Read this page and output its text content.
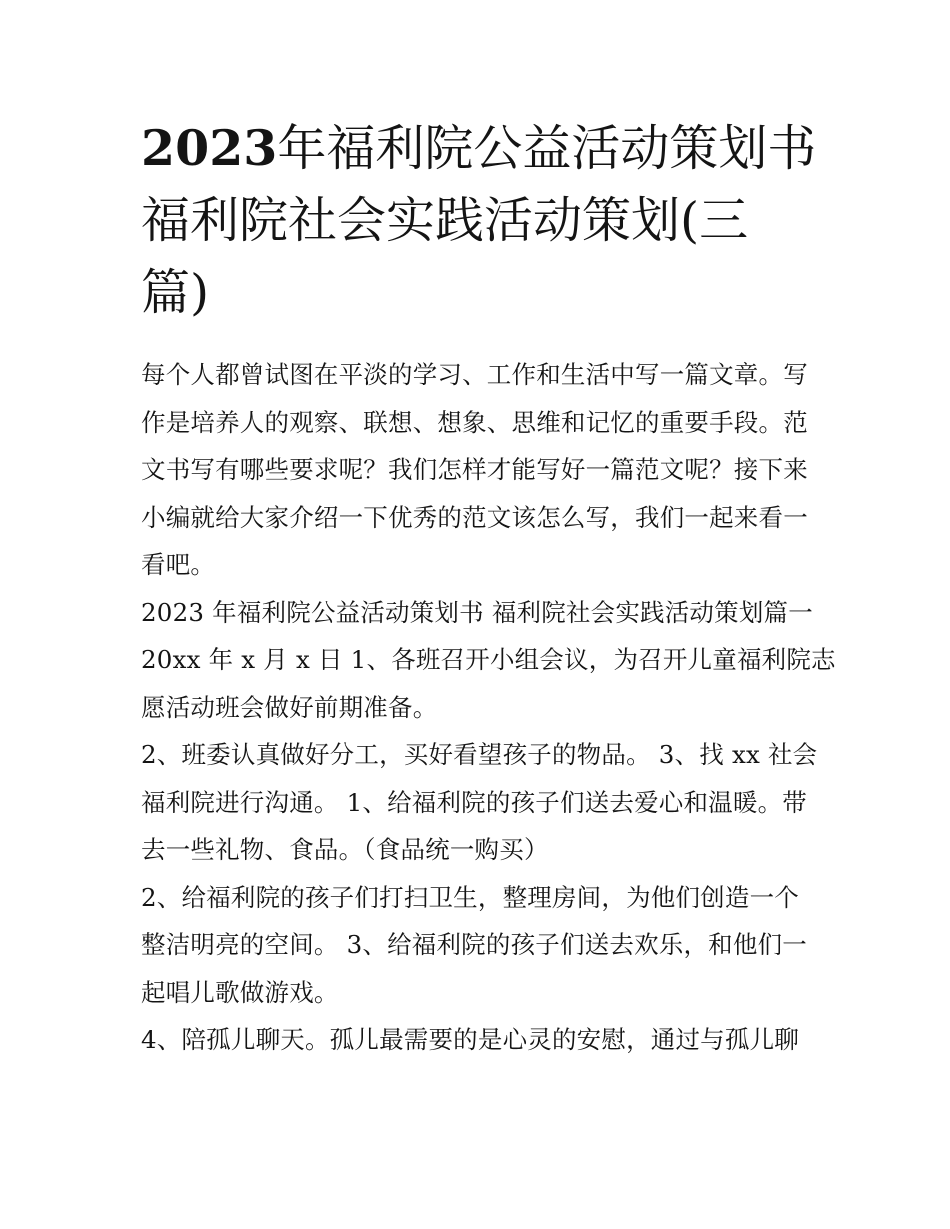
2023年福利院公益活动策划书
福利院社会实践活动策划(三
篇)

每个人都曾试图在平淡的学习、工作和生活中写一篇文章。写
作是培养人的观察、联想、想象、思维和记忆的重要手段。范
文书写有哪些要求呢？我们怎样才能写好一篇范文呢？接下来
小编就给大家介绍一下优秀的范文该怎么写，我们一起来看一
看吧。

2023 年福利院公益活动策划书 福利院社会实践活动策划篇一
20xx 年 x 月 x 日 1、各班召开小组会议，为召开儿童福利院志
愿活动班会做好前期准备。

2、班委认真做好分工，买好看望孩子的物品。 3、找 xx 社会
福利院进行沟通。 1、给福利院的孩子们送去爱心和温暖。带
去一些礼物、食品。（食品统一购买）

2、给福利院的孩子们打扫卫生，整理房间，为他们创造一个
整洁明亮的空间。 3、给福利院的孩子们送去欢乐，和他们一
起唱儿歌做游戏。

4、陪孤儿聊天。孤儿最需要的是心灵的安慰，通过与孤儿聊
